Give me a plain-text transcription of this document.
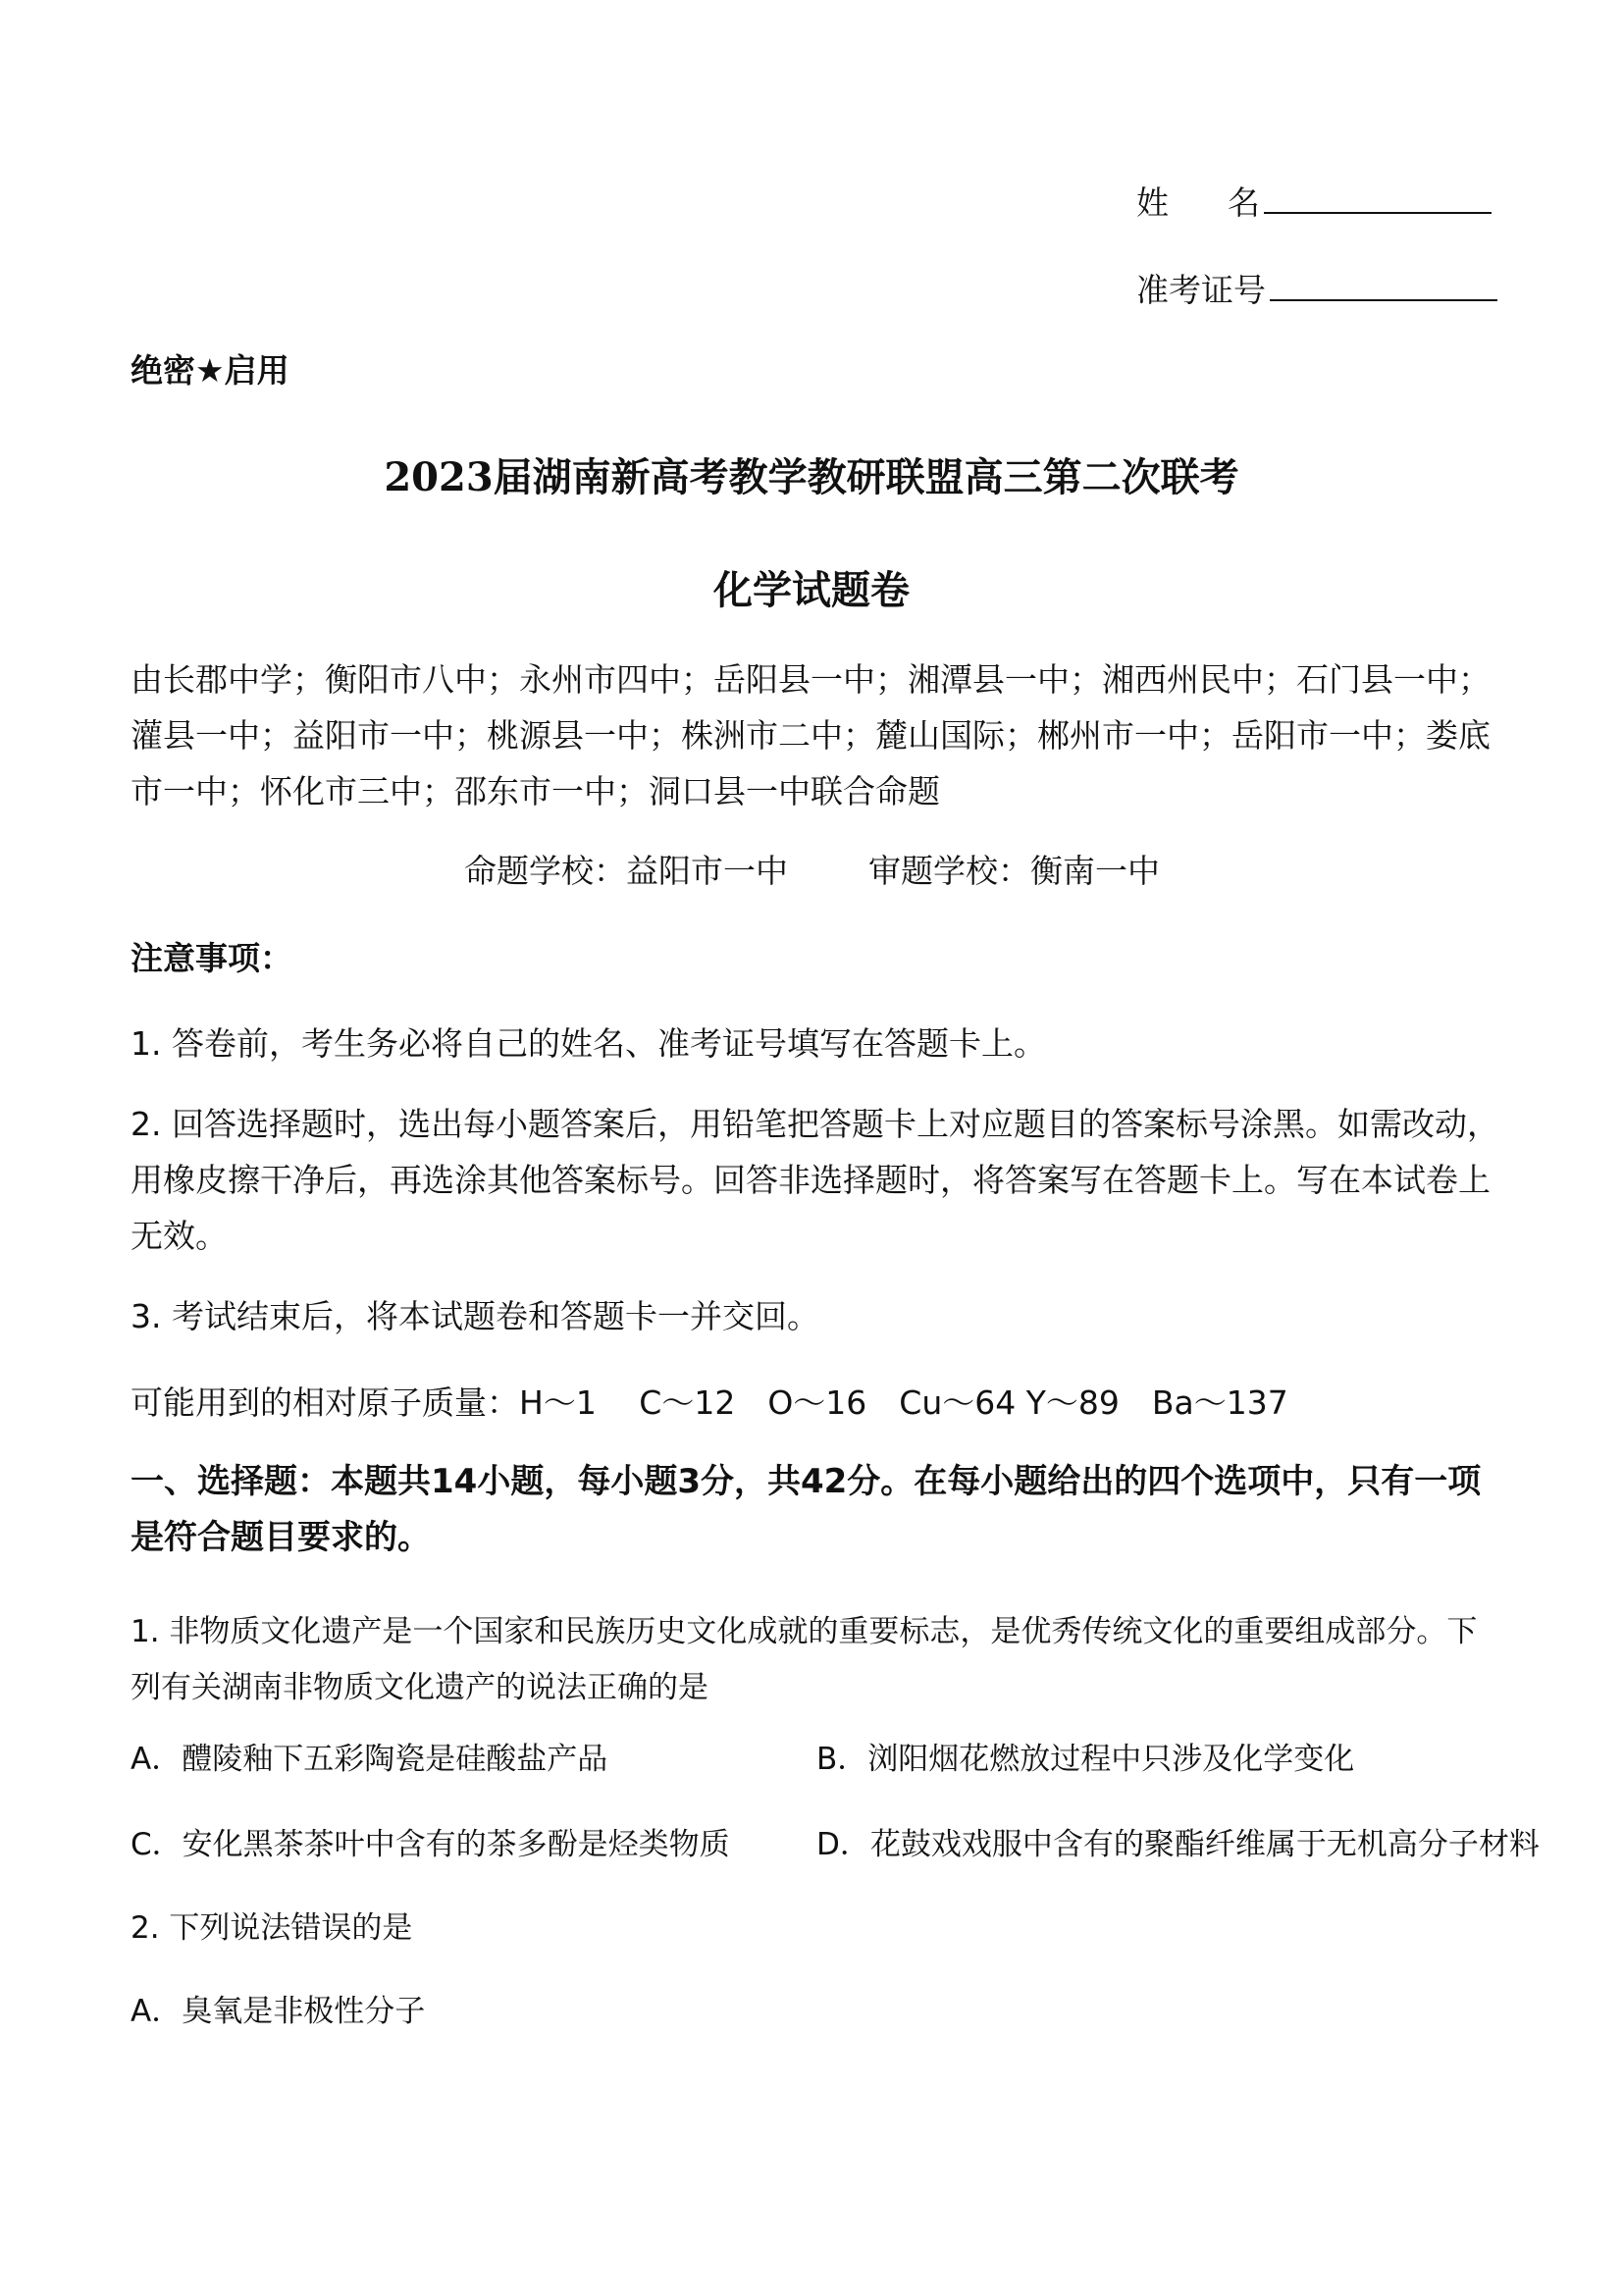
姓名
准考证号
绝密★启用
2023届湖南新高考教学教研联盟高三第二次联考
化学试题卷
由长郡中学；衡阳市八中；永州市四中；岳阳县一中；湘潭县一中；湘西州民中；石门县一中；灌县一中；益阳市一中；桃源县一中；株洲市二中；麓山国际；郴州市一中；岳阳市一中；娄底市一中；怀化市三中；邵东市一中；洞口县一中联合命题
命题学校：益阳市一中 审题学校：衡南一中
注意事项：
1. 答卷前，考生务必将自己的姓名、准考证号填写在答题卡上。
2. 回答选择题时，选出每小题答案后，用铅笔把答题卡上对应题目的答案标号涂黑。如需改动，用橡皮擦干净后，再选涂其他答案标号。回答非选择题时，将答案写在答题卡上。写在本试卷上无效。
3. 考试结束后，将本试题卷和答题卡一并交回。
可能用到的相对原子质量：H～1　 C～12　O～16　Cu～64 Y～89　Ba～137
一、选择题：本题共14小题，每小题3分，共42分。在每小题给出的四个选项中，只有一项是符合题目要求的。
1. 非物质文化遗产是一个国家和民族历史文化成就的重要标志，是优秀传统文化的重要组成部分。下列有关湖南非物质文化遗产的说法正确的是
A．醴陵釉下五彩陶瓷是硅酸盐产品	B．浏阳烟花燃放过程中只涉及化学变化
C．安化黑茶茶叶中含有的茶多酚是烃类物质	D．花鼓戏戏服中含有的聚酯纤维属于无机高分子材料
2. 下列说法错误的是
A．臭氧是非极性分子
